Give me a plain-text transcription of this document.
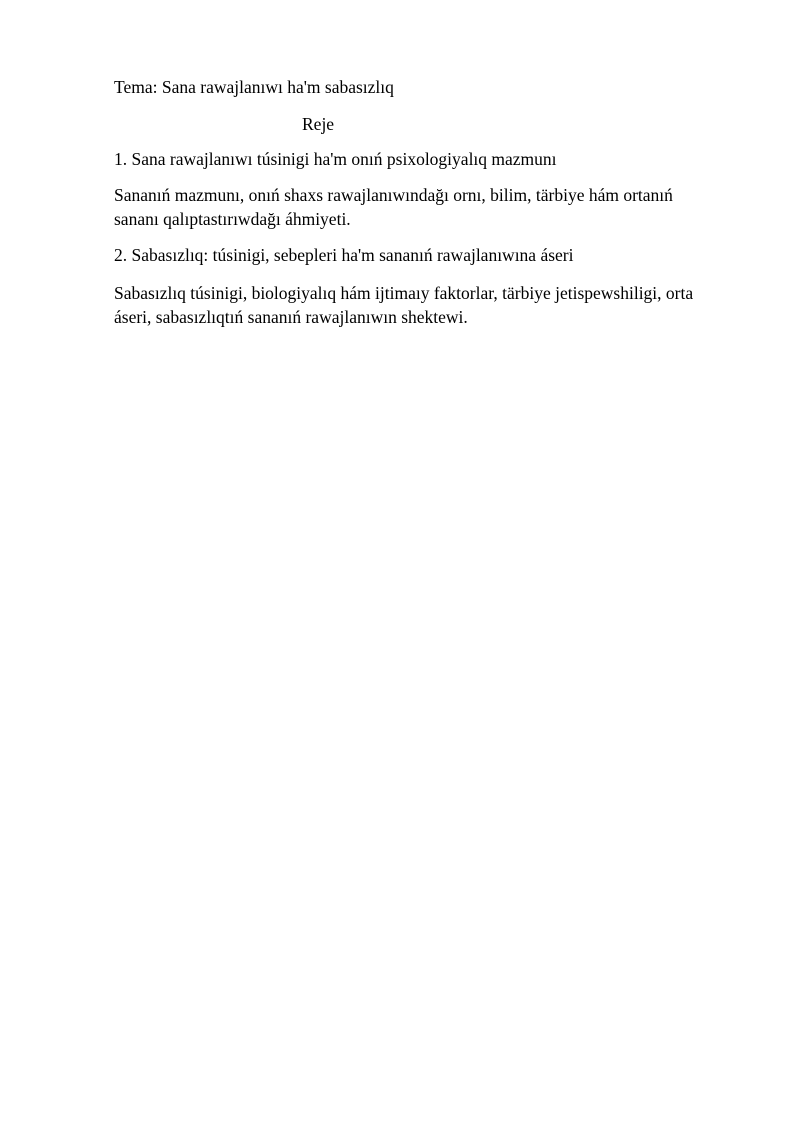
Tema: Sana rawajlanıwı ha'm sabasızlıq

Reje

1. Sana rawajlanıwı túsinigi ha'm onıń psixologiyalıq mazmunı

Sananıń mazmunı, onıń shaxs rawajlanıwındağı ornı, bilim, tärbiye hám ortanıń
sananı qalıptastırıwdağı áhmiyeti.

2. Sabasızlıq: túsinigi, sebepleri ha'm sananıń rawajlanıwına áseri

Sabasızlıq túsinigi, biologiyalıq hám ijtimaıy faktorlar, tärbiye jetispewshiligi, orta
áseri, sabasızlıqtıń sananıń rawajlanıwın shektewi.
